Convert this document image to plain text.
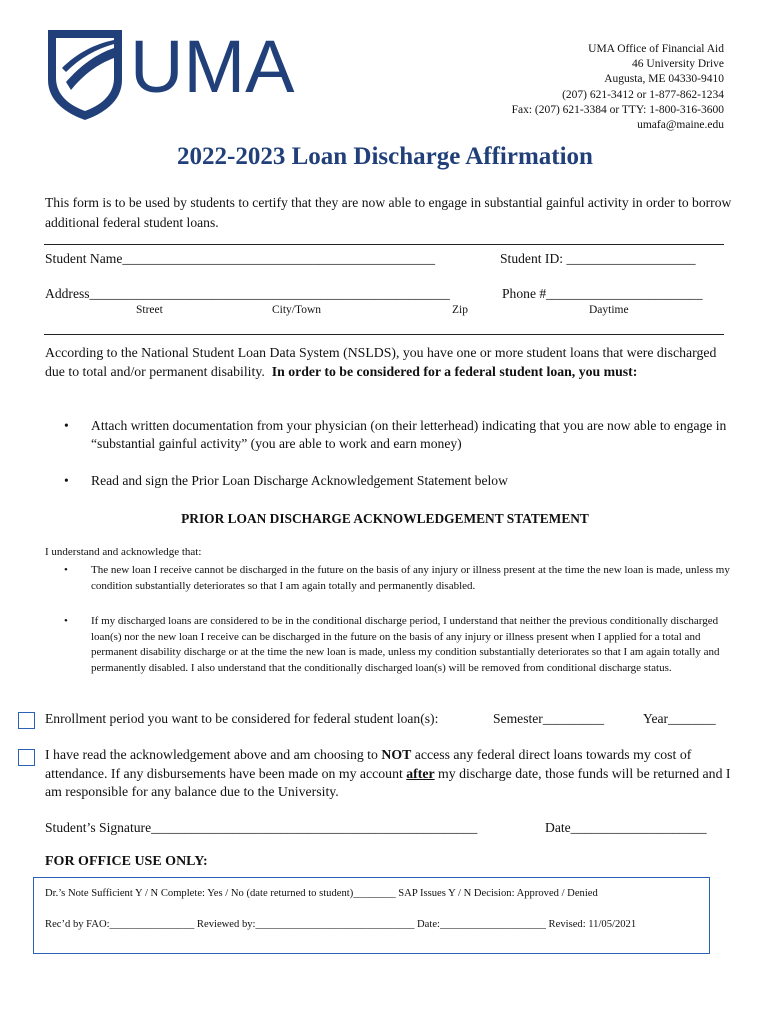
UMA	UMA Office of Financial Aid
46 University Drive
Augusta, ME 04330-9410
(207) 621-3412 or 1-877-862-1234
Fax: (207) 621-3384 or TTY: 1-800-316-3600
umafa@maine.edu
2022-2023 Loan Discharge Affirmation
This form is to be used by students to certify that they are now able to engage in substantial gainful activity in order to borrow additional federal student loans.
Student Name______________________________________________	Student ID: ___________________
Address_____________________________________________________	Phone #_______________________
Street	City/Town	Zip	Daytime
According to the National Student Loan Data System (NSLDS), you have one or more student loans that were discharged due to total and/or permanent disability. In order to be considered for a federal student loan, you must:
•	Attach written documentation from your physician (on their letterhead) indicating that you are now able to engage in “substantial gainful activity” (you are able to work and earn money)
•	Read and sign the Prior Loan Discharge Acknowledgement Statement below
PRIOR LOAN DISCHARGE ACKNOWLEDGEMENT STATEMENT
I understand and acknowledge that:
•	The new loan I receive cannot be discharged in the future on the basis of any injury or illness present at the time the new loan is made, unless my condition substantially deteriorates so that I am again totally and permanently disabled.
•	If my discharged loans are considered to be in the conditional discharge period, I understand that neither the previous conditionally discharged loan(s) nor the new loan I receive can be discharged in the future on the basis of any injury or illness present when I applied for a total and permanent disability discharge or at the time the new loan is made, unless my condition substantially deteriorates so that I am again totally and permanently disabled. I also understand that the conditionally discharged loan(s) will be removed from conditional discharge status.
Enrollment period you want to be considered for federal student loan(s):	Semester_________	Year_______
I have read the acknowledgement above and am choosing to NOT access any federal direct loans towards my cost of attendance. If any disbursements have been made on my account after my discharge date, those funds will be returned and I am responsible for any balance due to the University.
Student’s Signature________________________________________________	Date____________________
FOR OFFICE USE ONLY:
Dr.’s Note Sufficient Y / N Complete: Yes / No (date returned to student)________ SAP Issues Y / N Decision: Approved / Denied
Rec’d by FAO:________________ Reviewed by:______________________________ Date:____________________ Revised: 11/05/2021
